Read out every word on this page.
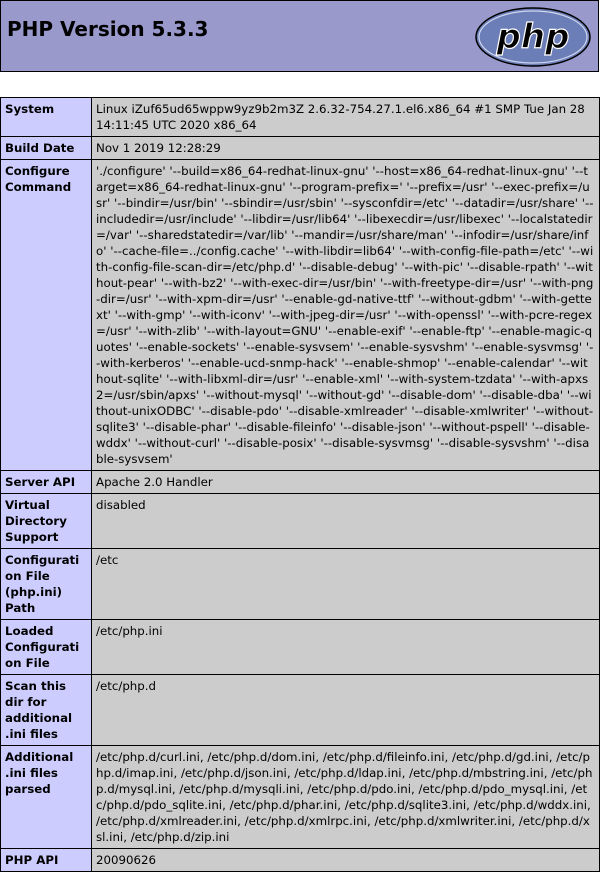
PHP Version 5.3.3	php
System	Linux iZuf65ud65wppw9yz9b2m3Z 2.6.32-754.27.1.el6.x86_64 #1 SMP Tue Jan 28 14:11:45 UTC 2020 x86_64
Build Date	Nov 1 2019 12:28:29
Configure Command	'./configure' '--build=x86_64-redhat-linux-gnu' '--host=x86_64-redhat-linux-gnu' '--target=x86_64-redhat-linux-gnu' '--program-prefix=' '--prefix=/usr' '--exec-prefix=/usr' '--bindir=/usr/bin' '--sbindir=/usr/sbin' '--sysconfdir=/etc' '--datadir=/usr/share' '--includedir=/usr/include' '--libdir=/usr/lib64' '--libexecdir=/usr/libexec' '--localstatedir=/var' '--sharedstatedir=/var/lib' '--mandir=/usr/share/man' '--infodir=/usr/share/info' '--cache-file=../config.cache' '--with-libdir=lib64' '--with-config-file-path=/etc' '--with-config-file-scan-dir=/etc/php.d' '--disable-debug' '--with-pic' '--disable-rpath' '--without-pear' '--with-bz2' '--with-exec-dir=/usr/bin' '--with-freetype-dir=/usr' '--with-png-dir=/usr' '--with-xpm-dir=/usr' '--enable-gd-native-ttf' '--without-gdbm' '--with-gettext' '--with-gmp' '--with-iconv' '--with-jpeg-dir=/usr' '--with-openssl' '--with-pcre-regex=/usr' '--with-zlib' '--with-layout=GNU' '--enable-exif' '--enable-ftp' '--enable-magic-quotes' '--enable-sockets' '--enable-sysvsem' '--enable-sysvshm' '--enable-sysvmsg' '--with-kerberos' '--enable-ucd-snmp-hack' '--enable-shmop' '--enable-calendar' '--without-sqlite' '--with-libxml-dir=/usr' '--enable-xml' '--with-system-tzdata' '--with-apxs2=/usr/sbin/apxs' '--without-mysql' '--without-gd' '--disable-dom' '--disable-dba' '--without-unixODBC' '--disable-pdo' '--disable-xmlreader' '--disable-xmlwriter' '--without-sqlite3' '--disable-phar' '--disable-fileinfo' '--disable-json' '--without-pspell' '--disable-wddx' '--without-curl' '--disable-posix' '--disable-sysvmsg' '--disable-sysvshm' '--disable-sysvsem'
Server API	Apache 2.0 Handler
Virtual Directory Support	disabled
Configuration File (php.ini) Path	/etc
Loaded Configuration File	/etc/php.ini
Scan this dir for additional .ini files	/etc/php.d
Additional .ini files parsed	/etc/php.d/curl.ini, /etc/php.d/dom.ini, /etc/php.d/fileinfo.ini, /etc/php.d/gd.ini, /etc/php.d/imap.ini, /etc/php.d/json.ini, /etc/php.d/ldap.ini, /etc/php.d/mbstring.ini, /etc/php.d/mysql.ini, /etc/php.d/mysqli.ini, /etc/php.d/pdo.ini, /etc/php.d/pdo_mysql.ini, /etc/php.d/pdo_sqlite.ini, /etc/php.d/phar.ini, /etc/php.d/sqlite3.ini, /etc/php.d/wddx.ini, /etc/php.d/xmlreader.ini, /etc/php.d/xmlrpc.ini, /etc/php.d/xmlwriter.ini, /etc/php.d/xsl.ini, /etc/php.d/zip.ini
PHP API	20090626
